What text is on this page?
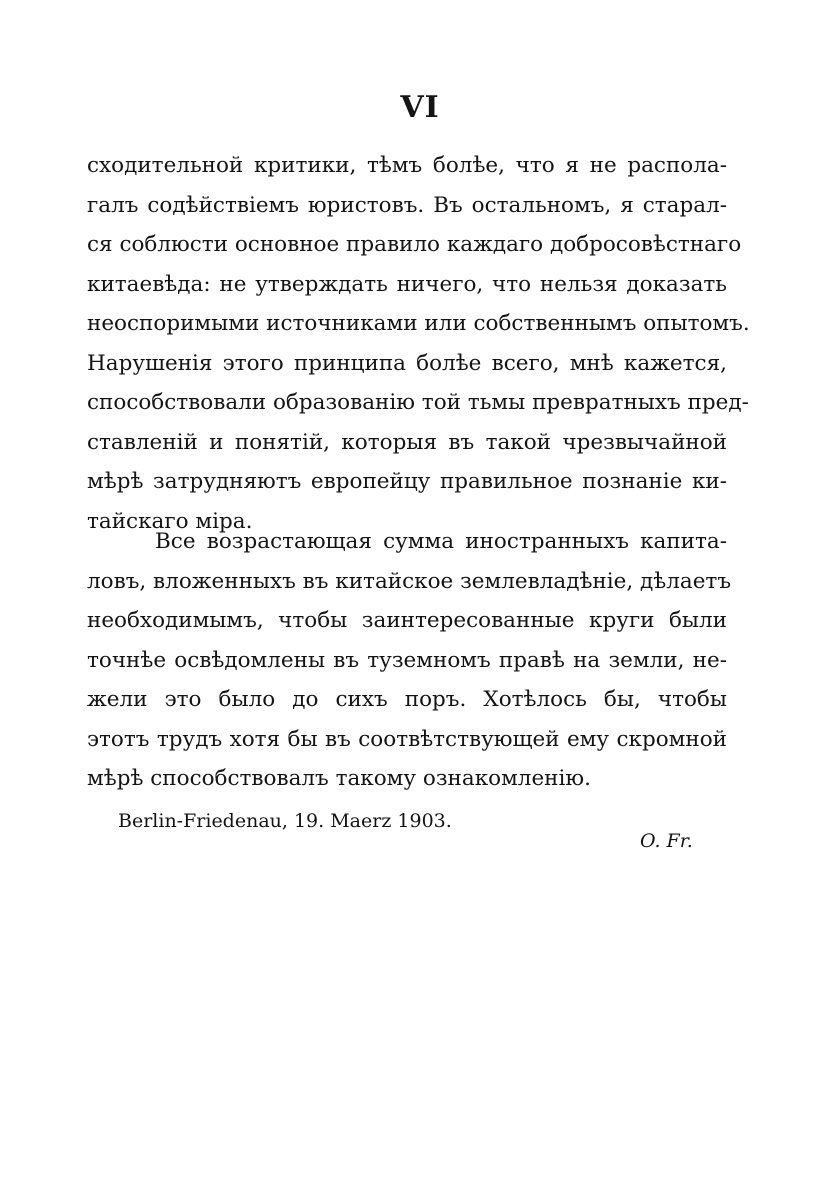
VI
сходительной критики, тѣмъ болѣе, что я не распола-
галъ содѣйствіемъ юристовъ. Въ остальномъ, я старал-
ся соблюсти основное правило каждаго добросовѣстнаго
китаевѣда: не утверждать ничего, что нельзя доказать
неоспоримыми источниками или собственнымъ опытомъ.
Нарушенія этого принципа болѣе всего, мнѣ кажется,
способствовали образованію той тьмы превратныхъ пред-
ставленій и понятій, которыя въ такой чрезвычайной
мѣрѣ затрудняютъ европейцу правильное познаніе ки-
тайскаго міра.
Все возрастающая сумма иностранныхъ капита-
ловъ, вложенныхъ въ китайское землевладѣніе, дѣлаетъ
необходимымъ, чтобы заинтересованные круги были
точнѣе освѣдомлены въ туземномъ правѣ на земли, не-
жели это было до сихъ поръ. Хотѣлось бы, чтобы
этотъ трудъ хотя бы въ соотвѣтствующей ему скромной
мѣрѣ способствовалъ такому ознакомленію.
Berlin-Friedenau, 19. Maerz 1903.
O. Fr.
